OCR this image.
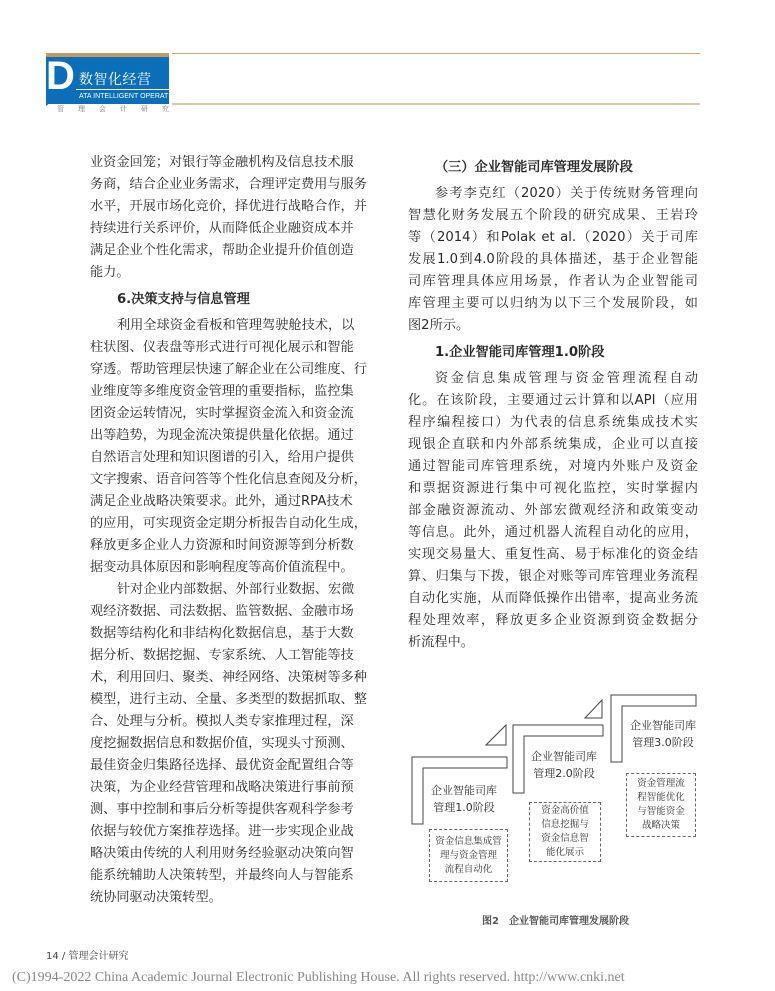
D 数智化经营
ATA INTELLIGENT OPERATION
管 理 会 计 研 究
业资金回笼；对银行等金融机构及信息技术服
务商，结合企业业务需求，合理评定费用与服务
水平，开展市场化竞价，择优进行战略合作，并
持续进行关系评价，从而降低企业融资成本并
满足企业个性化需求，帮助企业提升价值创造
能力。
6.决策支持与信息管理
利用全球资金看板和管理驾驶舱技术，以
柱状图、仪表盘等形式进行可视化展示和智能
穿透。帮助管理层快速了解企业在公司维度、行
业维度等多维度资金管理的重要指标，监控集
团资金运转情况，实时掌握资金流入和资金流
出等趋势，为现金流决策提供量化依据。通过
自然语言处理和知识图谱的引入，给用户提供
文字搜索、语音问答等个性化信息查阅及分析，
满足企业战略决策要求。此外，通过RPA技术
的应用，可实现资金定期分析报告自动化生成，
释放更多企业人力资源和时间资源等到分析数
据变动具体原因和影响程度等高价值流程中。
针对企业内部数据、外部行业数据、宏微
观经济数据、司法数据、监管数据、金融市场
数据等结构化和非结构化数据信息，基于大数
据分析、数据挖掘、专家系统、人工智能等技
术，利用回归、聚类、神经网络、决策树等多种
模型，进行主动、全量、多类型的数据抓取、整
合、处理与分析。模拟人类专家推理过程，深
度挖掘数据信息和数据价值，实现头寸预测、
最佳资金归集路径选择、最优资金配置组合等
决策，为企业经营管理和战略决策进行事前预
测、事中控制和事后分析等提供客观科学参考
依据与较优方案推荐选择。进一步实现企业战
略决策由传统的人利用财务经验驱动决策向智
能系统辅助人决策转型，并最终向人与智能系
统协同驱动决策转型。
（三）企业智能司库管理发展阶段
参考李克红（2020）关于传统财务管理向
智慧化财务发展五个阶段的研究成果、王岩玲
等（2014）和Polak et al.（2020）关于司库
发展1.0到4.0阶段的具体描述，基于企业智能
司库管理具体应用场景，作者认为企业智能司
库管理主要可以归纳为以下三个发展阶段，如
图2所示。
1.企业智能司库管理1.0阶段
资金信息集成管理与资金管理流程自动
化。在该阶段，主要通过云计算和以API（应用
程序编程接口）为代表的信息系统集成技术实
现银企直联和内外部系统集成，企业可以直接
通过智能司库管理系统，对境内外账户及资金
和票据资源进行集中可视化监控，实时掌握内
部金融资源流动、外部宏微观经济和政策变动
等信息。此外，通过机器人流程自动化的应用，
实现交易量大、重复性高、易于标准化的资金结
算、归集与下拨，银企对账等司库管理业务流程
自动化实施，从而降低操作出错率，提高业务流
程处理效率，释放更多企业资源到资金数据分
析流程中。
企业智能司库
管理1.0阶段
企业智能司库
管理2.0阶段
企业智能司库
管理3.0阶段
资金信息集成管
理与资金管理
流程自动化
资金高价值
信息挖掘与
资金信息智
能化展示
资金管理流
程智能优化
与智能资金
战略决策
图2　企业智能司库管理发展阶段
14 / 管理会计研究
(C)1994-2022 China Academic Journal Electronic Publishing House. All rights reserved. http://www.cnki.net
